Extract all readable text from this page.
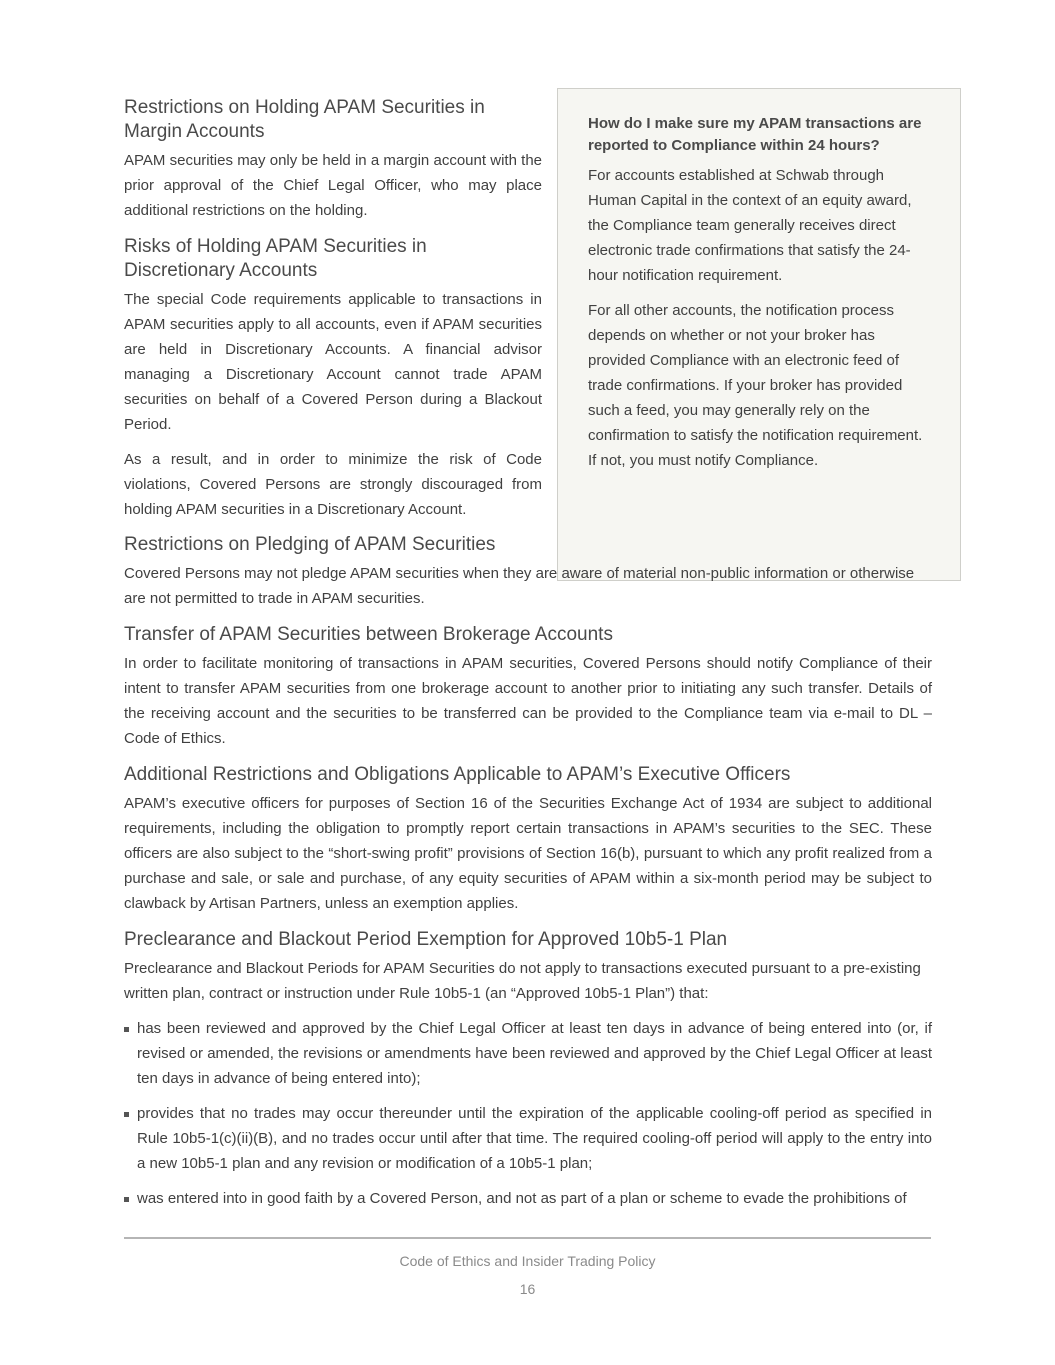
Restrictions on Holding APAM Securities in Margin Accounts

APAM securities may only be held in a margin account with the prior approval of the Chief Legal Officer, who may place additional restrictions on the holding.

Risks of Holding APAM Securities in Discretionary Accounts

The special Code requirements applicable to transactions in APAM securities apply to all accounts, even if APAM securities are held in Discretionary Accounts. A financial advisor managing a Discretionary Account cannot trade APAM securities on behalf of a Covered Person during a Blackout Period.

As a result, and in order to minimize the risk of Code violations, Covered Persons are strongly discouraged from holding APAM securities in a Discretionary Account.

How do I make sure my APAM transactions are reported to Compliance within 24 hours?

For accounts established at Schwab through Human Capital in the context of an equity award, the Compliance team generally receives direct electronic trade confirmations that satisfy the 24-hour notification requirement.

For all other accounts, the notification process depends on whether or not your broker has provided Compliance with an electronic feed of trade confirmations. If your broker has provided such a feed, you may generally rely on the confirmation to satisfy the notification requirement. If not, you must notify Compliance.

Restrictions on Pledging of APAM Securities

Covered Persons may not pledge APAM securities when they are aware of material non-public information or otherwise are not permitted to trade in APAM securities.

Transfer of APAM Securities between Brokerage Accounts

In order to facilitate monitoring of transactions in APAM securities, Covered Persons should notify Compliance of their intent to transfer APAM securities from one brokerage account to another prior to initiating any such transfer. Details of the receiving account and the securities to be transferred can be provided to the Compliance team via e-mail to DL – Code of Ethics.

Additional Restrictions and Obligations Applicable to APAM’s Executive Officers

APAM’s executive officers for purposes of Section 16 of the Securities Exchange Act of 1934 are subject to additional requirements, including the obligation to promptly report certain transactions in APAM’s securities to the SEC. These officers are also subject to the “short-swing profit” provisions of Section 16(b), pursuant to which any profit realized from a purchase and sale, or sale and purchase, of any equity securities of APAM within a six-month period may be subject to clawback by Artisan Partners, unless an exemption applies.

Preclearance and Blackout Period Exemption for Approved 10b5-1 Plan

Preclearance and Blackout Periods for APAM Securities do not apply to transactions executed pursuant to a pre-existing written plan, contract or instruction under Rule 10b5-1 (an “Approved 10b5-1 Plan”) that:

has been reviewed and approved by the Chief Legal Officer at least ten days in advance of being entered into (or, if revised or amended, the revisions or amendments have been reviewed and approved by the Chief Legal Officer at least ten days in advance of being entered into);
provides that no trades may occur thereunder until the expiration of the applicable cooling-off period as specified in Rule 10b5-1(c)(ii)(B), and no trades occur until after that time. The required cooling-off period will apply to the entry into a new 10b5-1 plan and any revision or modification of a 10b5-1 plan;
was entered into in good faith by a Covered Person, and not as part of a plan or scheme to evade the prohibitions of
Code of Ethics and Insider Trading Policy
16
